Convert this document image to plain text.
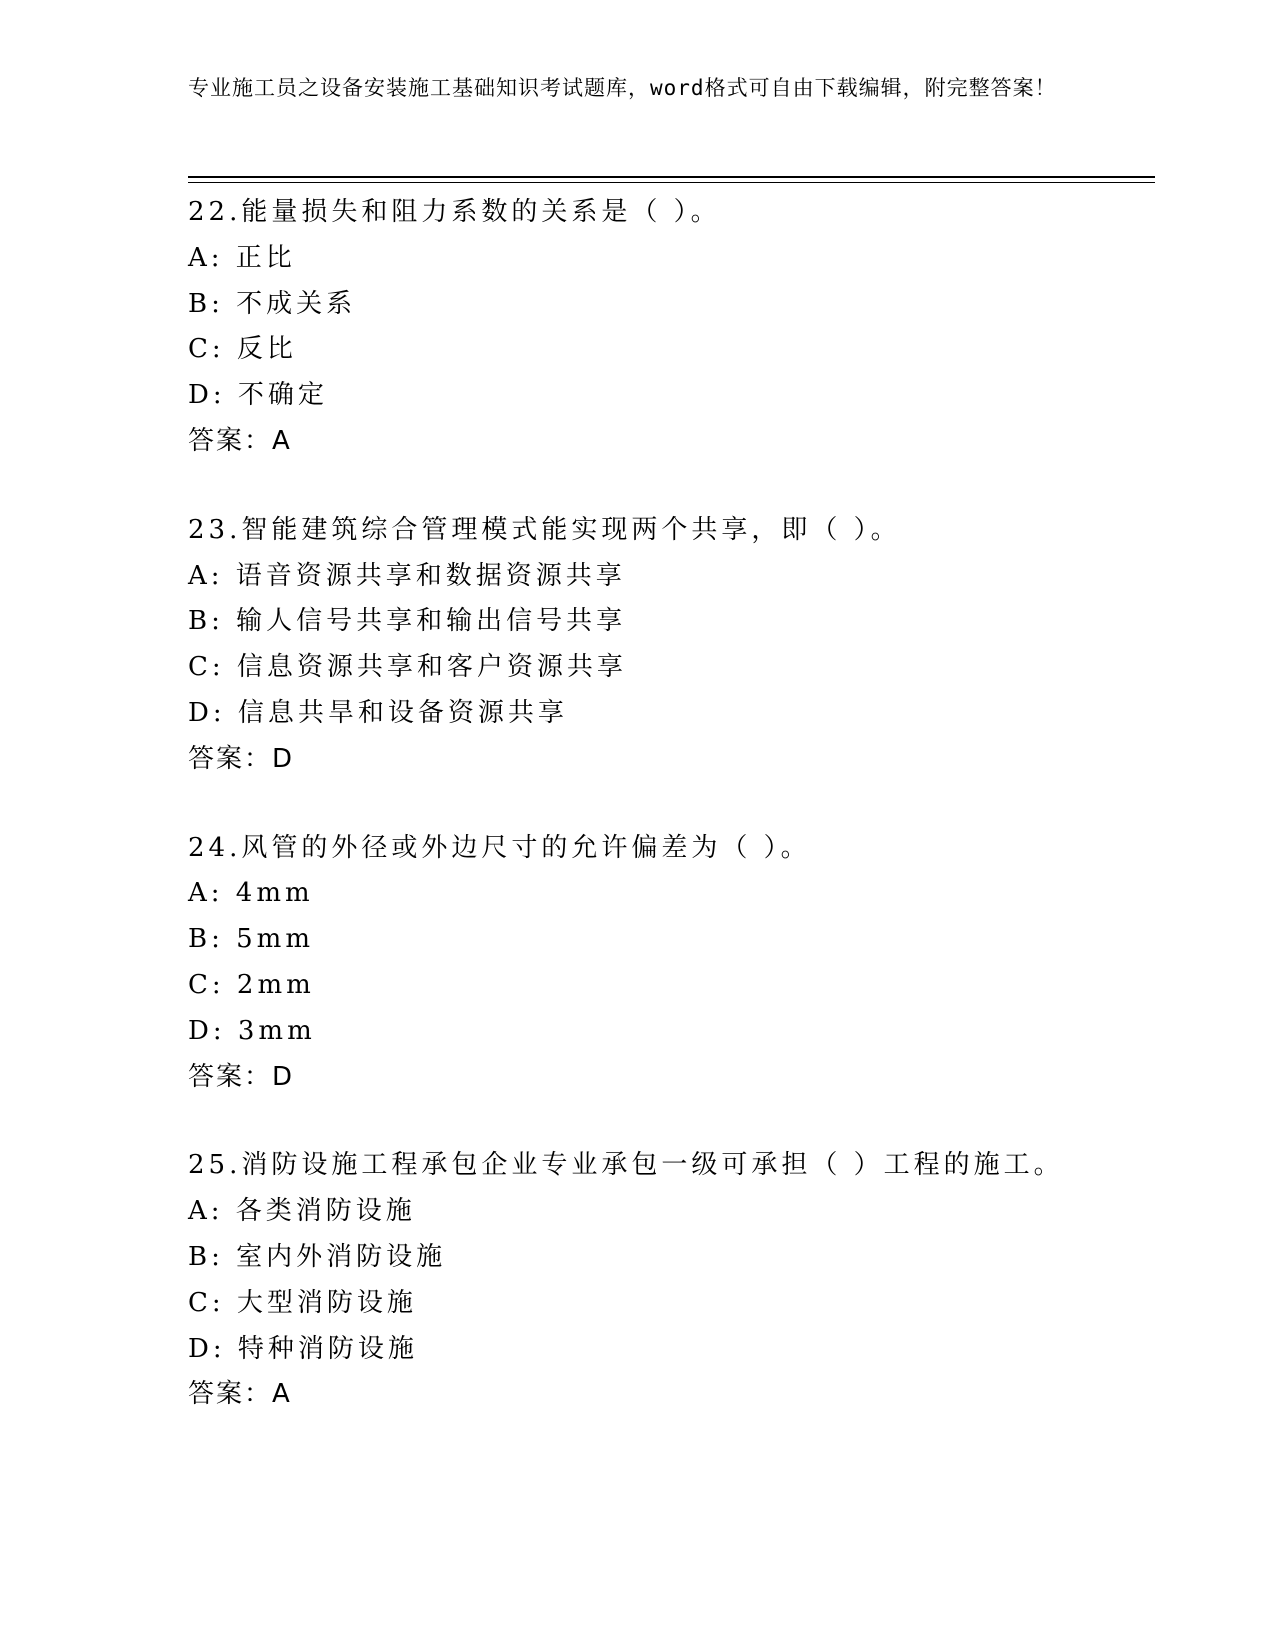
专业施工员之设备安装施工基础知识考试题库，word格式可自由下载编辑，附完整答案！
22.能量损失和阻力系数的关系是（ ）。
A: 正比
B: 不成关系
C: 反比
D: 不确定
答案：A
23.智能建筑综合管理模式能实现两个共享，即（ ）。
A: 语音资源共享和数据资源共享
B: 输人信号共享和输出信号共享
C: 信息资源共享和客户资源共享
D: 信息共旱和设备资源共享
答案：D
24.风管的外径或外边尺寸的允许偏差为（ ）。
A: 4mm
B: 5mm
C: 2mm
D: 3mm
答案：D
25.消防设施工程承包企业专业承包一级可承担（ ）工程的施工。
A: 各类消防设施
B: 室内外消防设施
C: 大型消防设施
D: 特种消防设施
答案：A
